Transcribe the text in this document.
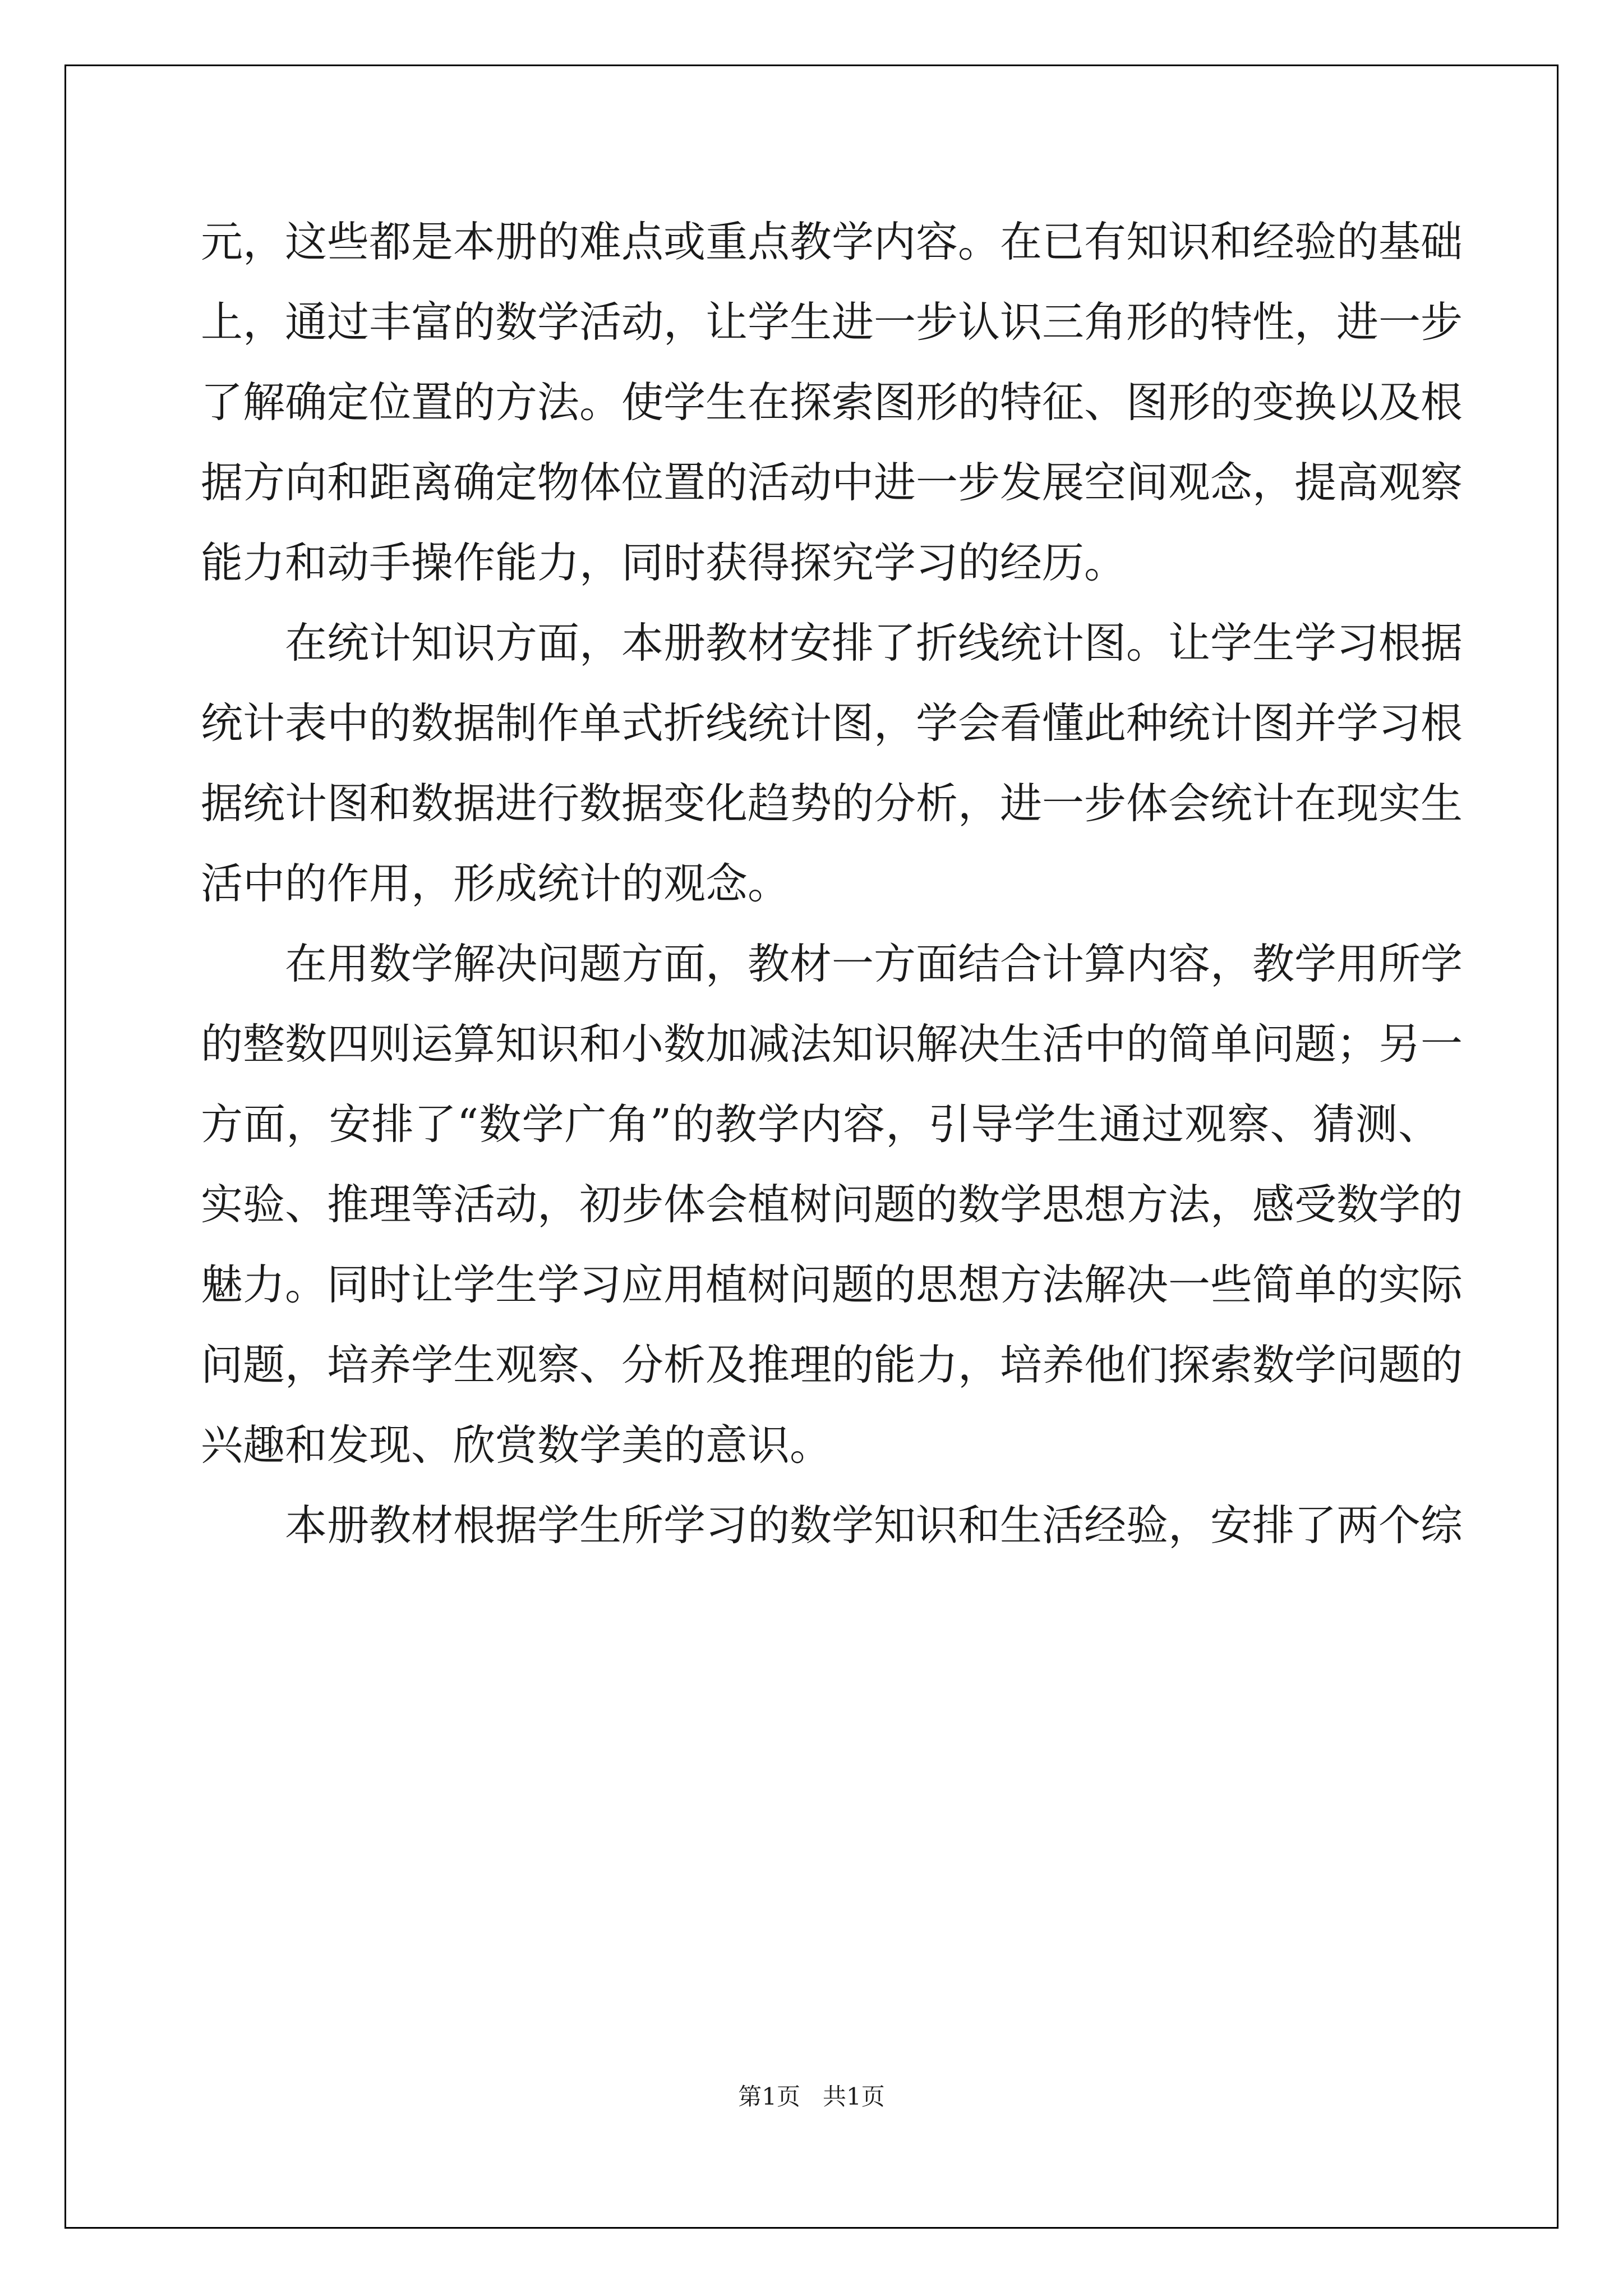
元，这些都是本册的难点或重点教学内容。在已有知识和经验的基础
上，通过丰富的数学活动，让学生进一步认识三角形的特性，进一步
了解确定位置的方法。使学生在探索图形的特征、图形的变换以及根
据方向和距离确定物体位置的活动中进一步发展空间观念，提高观察
能力和动手操作能力，同时获得探究学习的经历。
在统计知识方面，本册教材安排了折线统计图。让学生学习根据
统计表中的数据制作单式折线统计图，学会看懂此种统计图并学习根
据统计图和数据进行数据变化趋势的分析，进一步体会统计在现实生
活中的作用，形成统计的观念。
在用数学解决问题方面，教材一方面结合计算内容，教学用所学
的整数四则运算知识和小数加减法知识解决生活中的简单问题；另一
方面，安排了“数学广角”的教学内容，引导学生通过观察、猜测、
实验、推理等活动，初步体会植树问题的数学思想方法，感受数学的
魅力。同时让学生学习应用植树问题的思想方法解决一些简单的实际
问题，培养学生观察、分析及推理的能力，培养他们探索数学问题的
兴趣和发现、欣赏数学美的意识。
本册教材根据学生所学习的数学知识和生活经验，安排了两个综
第1页   共1页
